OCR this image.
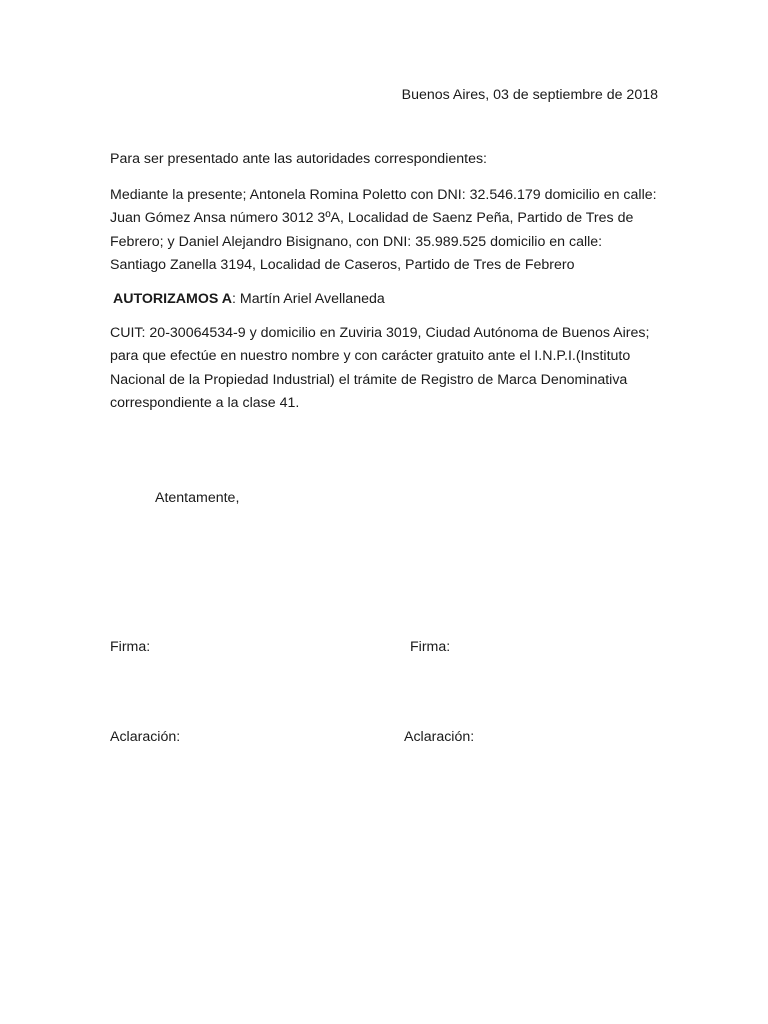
Buenos Aires, 03 de septiembre de 2018

Para ser presentado ante las autoridades correspondientes:

Mediante la presente; Antonela Romina Poletto con DNI: 32.546.179 domicilio en calle: Juan Gómez Ansa número 3012 3ºA, Localidad de Saenz Peña, Partido de Tres de Febrero; y Daniel Alejandro Bisignano, con DNI: 35.989.525 domicilio en calle: Santiago Zanella 3194, Localidad de Caseros, Partido de Tres de Febrero

AUTORIZAMOS A: Martín Ariel Avellaneda

CUIT: 20-30064534-9 y domicilio en Zuviria 3019, Ciudad Autónoma de Buenos Aires; para que efectúe en nuestro nombre y con carácter gratuito ante el I.N.P.I.(Instituto Nacional de la Propiedad Industrial) el trámite de Registro de Marca Denominativa correspondiente a la clase 41.

Atentamente,

Firma:	Firma:
Aclaración:	Aclaración:
